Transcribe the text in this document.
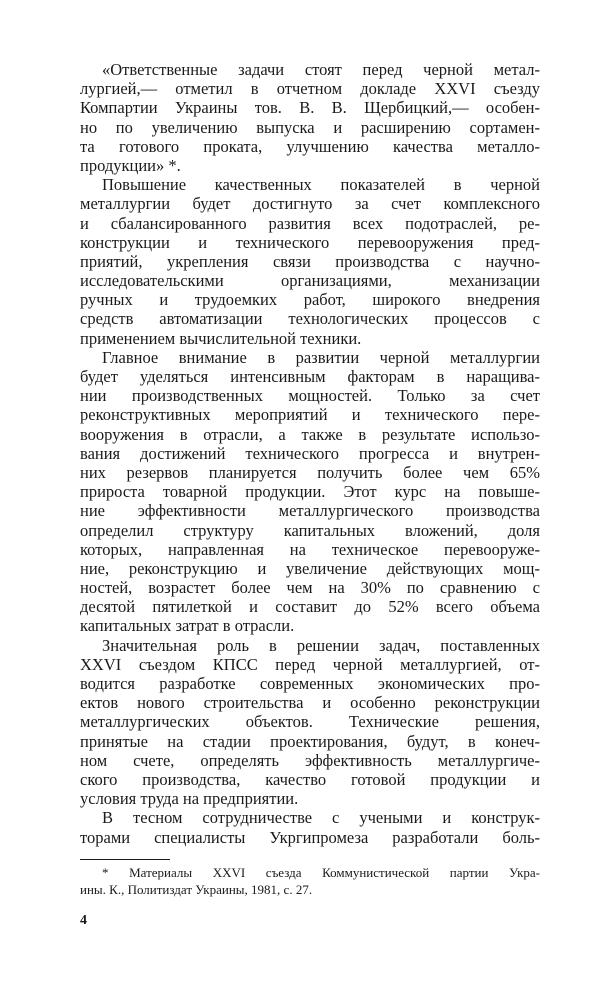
«Ответственные задачи стоят перед черной метал-
лургией,— отметил в отчетном докладе XXVI съезду
Компартии Украины тов. В. В. Щербицкий,— особен-
но по увеличению выпуска и расширению сортамен-
та готового проката, улучшению качества металло-
продукции» *.
Повышение качественных показателей в черной
металлургии будет достигнуто за счет комплексного
и сбалансированного развития всех подотраслей, ре-
конструкции и технического перевооружения пред-
приятий, укрепления связи производства с научно-
исследовательскими организациями, механизации
ручных и трудоемких работ, широкого внедрения
средств автоматизации технологических процессов с
применением вычислительной техники.
Главное внимание в развитии черной металлургии
будет уделяться интенсивным факторам в наращива-
нии производственных мощностей. Только за счет
реконструктивных мероприятий и технического пере-
вооружения в отрасли, а также в результате использо-
вания достижений технического прогресса и внутрен-
них резервов планируется получить более чем 65%
прироста товарной продукции. Этот курс на повыше-
ние эффективности металлургического производства
определил структуру капитальных вложений, доля
которых, направленная на техническое перевооруже-
ние, реконструкцию и увеличение действующих мощ-
ностей, возрастет более чем на 30% по сравнению с
десятой пятилеткой и составит до 52% всего объема
капитальных затрат в отрасли.
Значительная роль в решении задач, поставленных
XXVI съездом КПСС перед черной металлургией, от-
водится разработке современных экономических про-
ектов нового строительства и особенно реконструкции
металлургических объектов. Технические решения,
принятые на стадии проектирования, будут, в конеч-
ном счете, определять эффективность металлургиче-
ского производства, качество готовой продукции и
условия труда на предприятии.
В тесном сотрудничестве с учеными и конструк-
торами специалисты Укргипромеза разработали боль-
* Материалы XXVI съезда Коммунистической партии Укра-
ины. К., Политиздат Украины, 1981, с. 27.
4
